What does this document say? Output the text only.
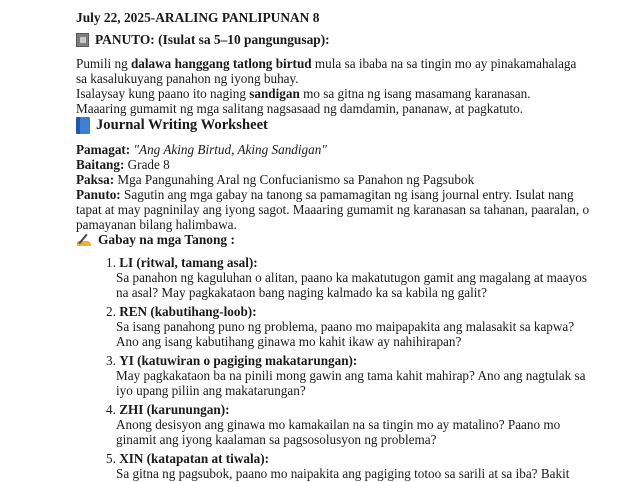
July 22, 2025-ARALING PANLIPUNAN 8
PANUTO: (Isulat sa 5–10 pangungusap):
Pumili ng dalawa hanggang tatlong birtud mula sa ibaba na sa tingin mo ay pinakamahalaga
sa kasalukuyang panahon ng iyong buhay.
Isalaysay kung paano ito naging sandigan mo sa gitna ng isang masamang karanasan.
Maaaring gumamit ng mga salitang nagsasaad ng damdamin, pananaw, at pagkatuto.
Journal Writing Worksheet
Pamagat: "Ang Aking Birtud, Aking Sandigan"
Baitang: Grade 8
Paksa: Mga Pangunahing Aral ng Confucianismo sa Panahon ng Pagsubok
Panuto: Sagutin ang mga gabay na tanong sa pamamagitan ng isang journal entry. Isulat nang
tapat at may pagninilay ang iyong sagot. Maaaring gumamit ng karanasan sa tahanan, paaralan, o
pamayanan bilang halimbawa.
Gabay na mga Tanong :
1. LI (ritwal, tamang asal):
Sa panahon ng kaguluhan o alitan, paano ka makatutugon gamit ang magalang at maayos
na asal? May pagkakataon bang naging kalmado ka sa kabila ng galit?
2. REN (kabutihang-loob):
Sa isang panahong puno ng problema, paano mo maipapakita ang malasakit sa kapwa?
Ano ang isang kabutihang ginawa mo kahit ikaw ay nahihirapan?
3. YI (katuwiran o pagiging makatarungan):
May pagkakataon ba na pinili mong gawin ang tama kahit mahirap? Ano ang nagtulak sa
iyo upang piliin ang makatarungan?
4. ZHI (karunungan):
Anong desisyon ang ginawa mo kamakailan na sa tingin mo ay matalino? Paano mo
ginamit ang iyong kaalaman sa pagsosolusyon ng problema?
5. XIN (katapatan at tiwala):
Sa gitna ng pagsubok, paano mo naipakita ang pagiging totoo sa sarili at sa iba? Bakit
